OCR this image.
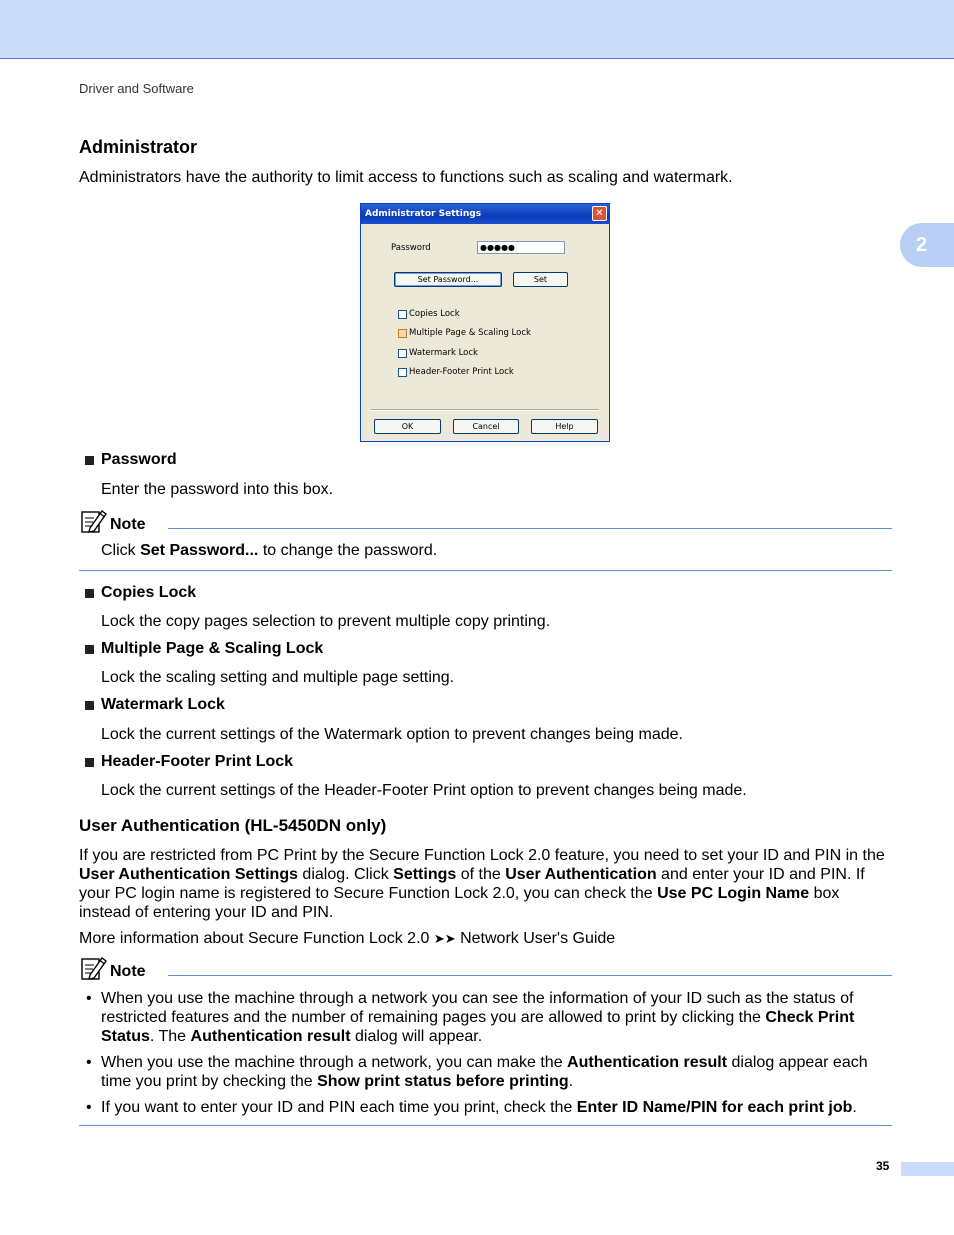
Driver and Software
2
Administrator
Administrators have the authority to limit access to functions such as scaling and watermark.
Administrator Settings	✕
Password	●●●●●
Set Password...	Set
Copies Lock
Multiple Page & Scaling Lock
Watermark Lock
Header-Footer Print Lock
OK	Cancel	Help
Password
Enter the password into this box.
Note
Click Set Password... to change the password.
Copies Lock
Lock the copy pages selection to prevent multiple copy printing.
Multiple Page & Scaling Lock
Lock the scaling setting and multiple page setting.
Watermark Lock
Lock the current settings of the Watermark option to prevent changes being made.
Header-Footer Print Lock
Lock the current settings of the Header-Footer Print option to prevent changes being made.
User Authentication (HL-5450DN only)
If you are restricted from PC Print by the Secure Function Lock 2.0 feature, you need to set your ID and PIN in the User Authentication Settings dialog. Click Settings of the User Authentication and enter your ID and PIN. If your PC login name is registered to Secure Function Lock 2.0, you can check the Use PC Login Name box instead of entering your ID and PIN.
More information about Secure Function Lock 2.0 ➤➤ Network User's Guide
Note
• When you use the machine through a network you can see the information of your ID such as the status of restricted features and the number of remaining pages you are allowed to print by clicking the Check Print Status. The Authentication result dialog will appear.
• When you use the machine through a network, you can make the Authentication result dialog appear each time you print by checking the Show print status before printing.
• If you want to enter your ID and PIN each time you print, check the Enter ID Name/PIN for each print job.
35
